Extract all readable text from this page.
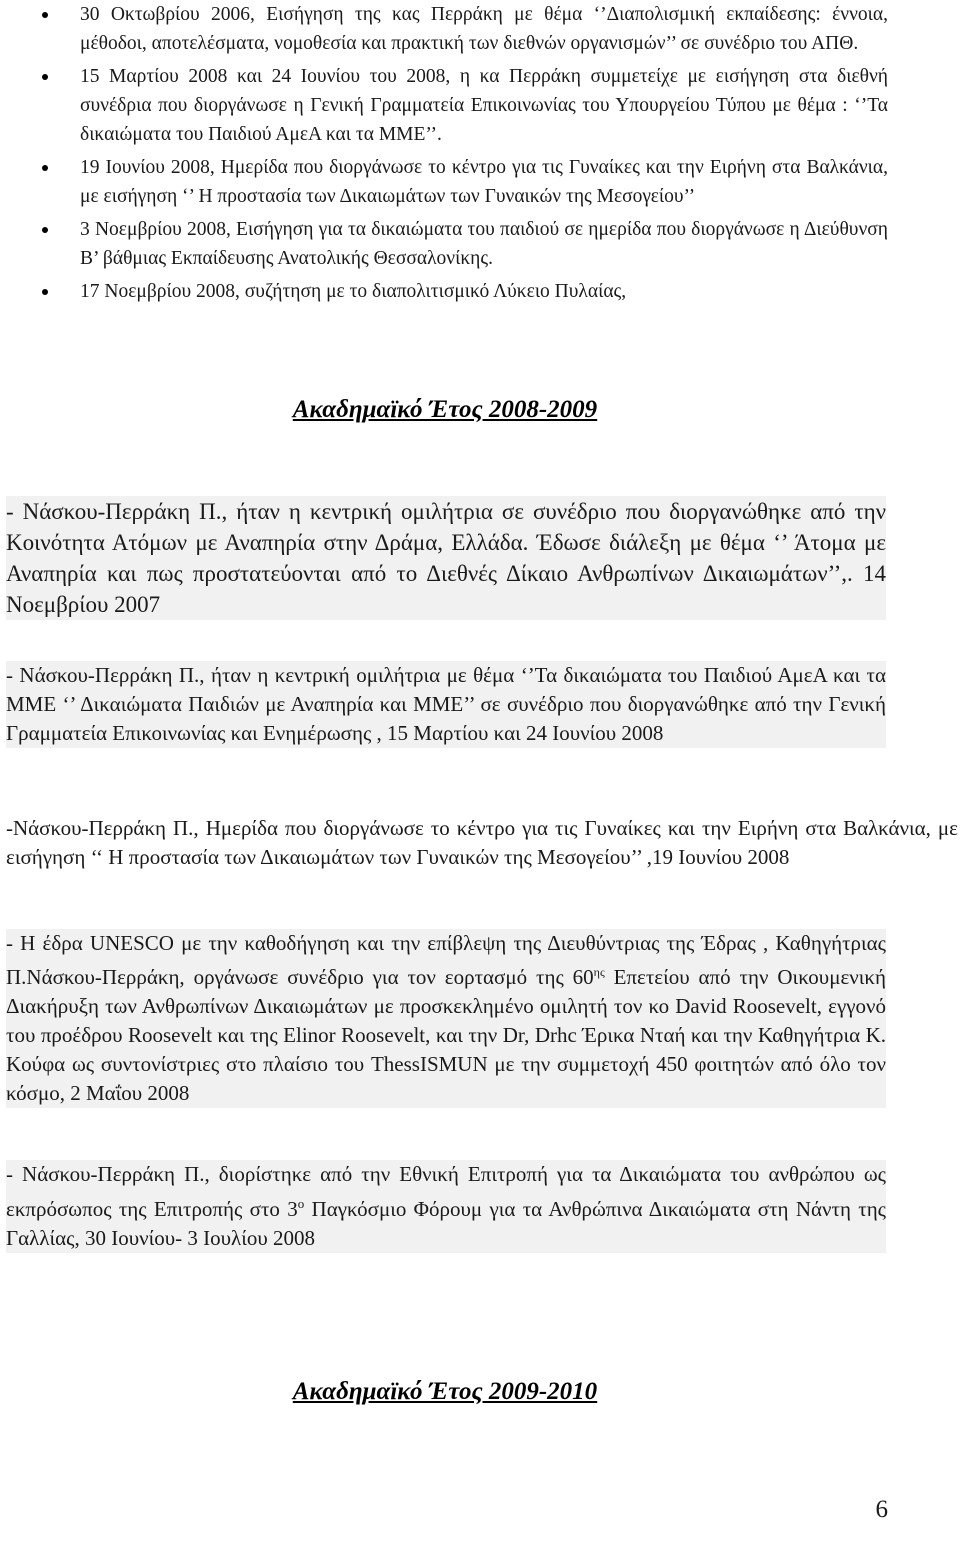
30 Οκτωβρίου 2006, Εισήγηση της κας Περράκη με θέμα ‘’Διαπολισμική εκπαίδεσης: έννοια, μέθοδοι, αποτελέσματα, νομοθεσία και πρακτική των διεθνών οργανισμών’’ σε συνέδριο του ΑΠΘ.
15 Μαρτίου 2008 και 24 Ιουνίου του 2008, η κα Περράκη συμμετείχε με εισήγηση στα διεθνή συνέδρια που διοργάνωσε η Γενική Γραμματεία Επικοινωνίας του Υπουργείου Τύπου με θέμα : ‘’Τα δικαιώματα του Παιδιού ΑμεΑ και τα ΜΜΕ’’.
19 Ιουνίου 2008, Ημερίδα που διοργάνωσε το κέντρο για τις Γυναίκες και την Ειρήνη στα Βαλκάνια, με εισήγηση ‘’ Η προστασία των Δικαιωμάτων των Γυναικών της Μεσογείου’’
3 Νοεμβρίου 2008, Εισήγηση για τα δικαιώματα του παιδιού σε ημερίδα που διοργάνωσε η Διεύθυνση Β’ βάθμιας Εκπαίδευσης Ανατολικής Θεσσαλονίκης.
17 Νοεμβρίου 2008, συζήτηση με το διαπολιτισμικό Λύκειο Πυλαίας,
Ακαδημαϊκό Έτος 2008-2009

- Νάσκου-Περράκη Π., ήταν η κεντρική ομιλήτρια σε συνέδριο που διοργανώθηκε από την Κοινότητα Ατόμων με Αναπηρία στην Δράμα, Ελλάδα. Έδωσε διάλεξη με θέμα ‘’ Άτομα με Αναπηρία και πως προστατεύονται από το Διεθνές Δίκαιο Ανθρωπίνων Δικαιωμάτων’’,. 14 Νοεμβρίου 2007

- Νάσκου-Περράκη Π., ήταν η κεντρική ομιλήτρια με θέμα ‘’Τα δικαιώματα του Παιδιού ΑμεΑ και τα ΜΜΕ ‘’ Δικαιώματα Παιδιών με Αναπηρία και ΜΜΕ’’ σε συνέδριο που διοργανώθηκε από την Γενική Γραμματεία Επικοινωνίας και Ενημέρωσης , 15 Μαρτίου και 24 Ιουνίου 2008

-Νάσκου-Περράκη Π., Ημερίδα που διοργάνωσε το κέντρο για τις Γυναίκες και την Ειρήνη στα Βαλκάνια, με εισήγηση ‘‘ Η προστασία των Δικαιωμάτων των Γυναικών της Μεσογείου’’ ,19 Ιουνίου 2008

- Η έδρα UNESCO με την καθοδήγηση και την επίβλεψη της Διευθύντριας της Έδρας , Καθηγήτριας Π.Νάσκου-Περράκη, οργάνωσε συνέδριο για τον εορτασμό της $60^{\eta\varsigma}$ Επετείου από την Οικουμενική Διακήρυξη των Ανθρωπίνων Δικαιωμάτων με προσκεκλημένο ομιλητή τον κο David Roosevelt, εγγονό του προέδρου Roosevelt και της Elinor Roosevelt, και την Dr, Drhc Έρικα Νταή και την Καθηγήτρια Κ. Κούφα ως συντονίστριες στο πλαίσιο του ThessISMUN με την συμμετοχή 450 φοιτητών από όλο τον κόσμο, 2 Μαΐου 2008

- Νάσκου-Περράκη Π., διορίστηκε από την Εθνική Επιτροπή για τα Δικαιώματα του ανθρώπου ως εκπρόσωπος της Επιτροπής στο $3^o$ Παγκόσμιο Φόρουμ για τα Ανθρώπινα Δικαιώματα στη Νάντη της Γαλλίας, 30 Ιουνίου- 3 Ιουλίου 2008

Ακαδημαϊκό Έτος 2009-2010
6
